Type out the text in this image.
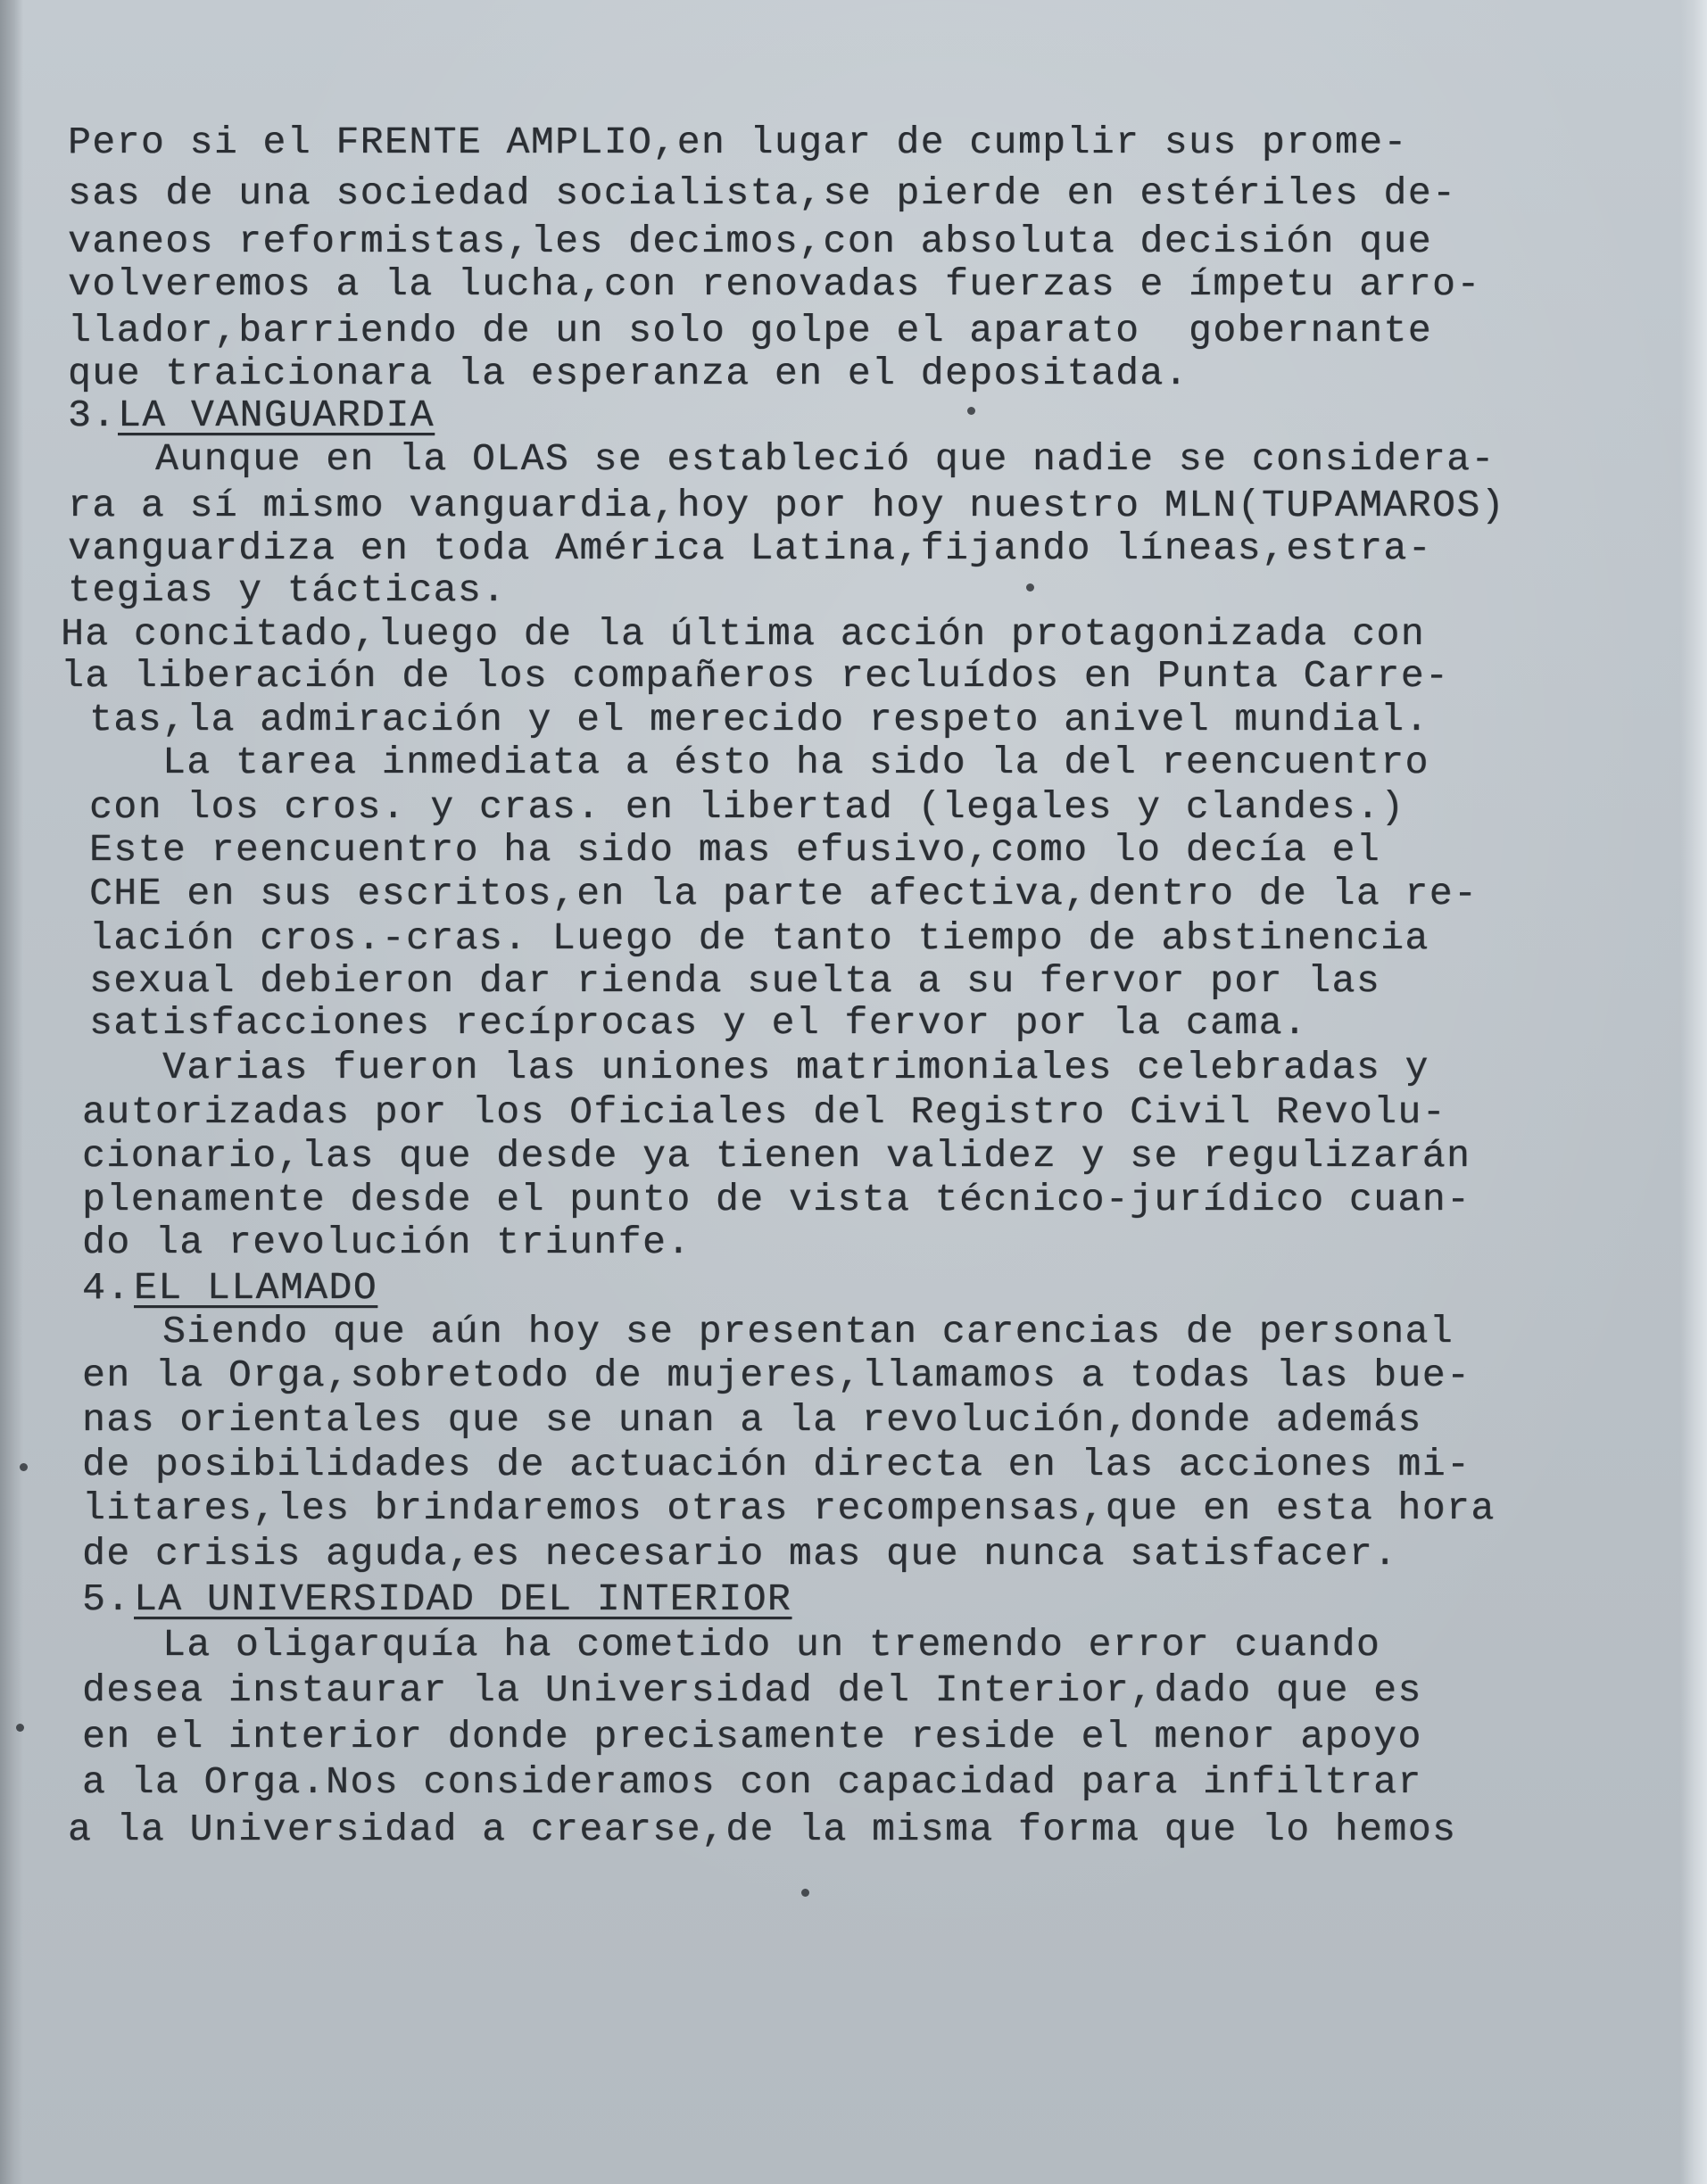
Pero si el FRENTE AMPLIO,en lugar de cumplir sus prome-
sas de una sociedad socialista,se pierde en estériles de-
vaneos reformistas,les decimos,con absoluta decisión que
volveremos a la lucha,con renovadas fuerzas e ímpetu arro-
llador,barriendo de un solo golpe el aparato  gobernante
que traicionara la esperanza en el depositada.
3. LA VANGUARDIA
Aunque en la OLAS se estableció que nadie se considera-
ra a sí mismo vanguardia,hoy por hoy nuestro MLN(TUPAMAROS)
vanguardiza en toda América Latina,fijando líneas,estra-
tegias y tácticas.
Ha concitado,luego de la última acción protagonizada con
la liberación de los compañeros recluídos en Punta Carre-
tas,la admiración y el merecido respeto anivel mundial.
La tarea inmediata a ésto ha sido la del reencuentro
con los cros. y cras. en libertad (legales y clandes.)
Este reencuentro ha sido mas efusivo,como lo decía el
CHE en sus escritos,en la parte afectiva,dentro de la re-
lación cros.-cras. Luego de tanto tiempo de abstinencia
sexual debieron dar rienda suelta a su fervor por las
satisfacciones recíprocas y el fervor por la cama.
Varias fueron las uniones matrimoniales celebradas y
autorizadas por los Oficiales del Registro Civil Revolu-
cionario,las que desde ya tienen validez y se regulizarán
plenamente desde el punto de vista técnico-jurídico cuan-
do la revolución triunfe.
4. EL LLAMADO
Siendo que aún hoy se presentan carencias de personal
en la Orga,sobretodo de mujeres,llamamos a todas las bue-
nas orientales que se unan a la revolución,donde además
de posibilidades de actuación directa en las acciones mi-
litares,les brindaremos otras recompensas,que en esta hora
de crisis aguda,es necesario mas que nunca satisfacer.
5. LA UNIVERSIDAD DEL INTERIOR
La oligarquía ha cometido un tremendo error cuando
desea instaurar la Universidad del Interior,dado que es
en el interior donde precisamente reside el menor apoyo
a la Orga.Nos consideramos con capacidad para infiltrar
a la Universidad a crearse,de la misma forma que lo hemos
